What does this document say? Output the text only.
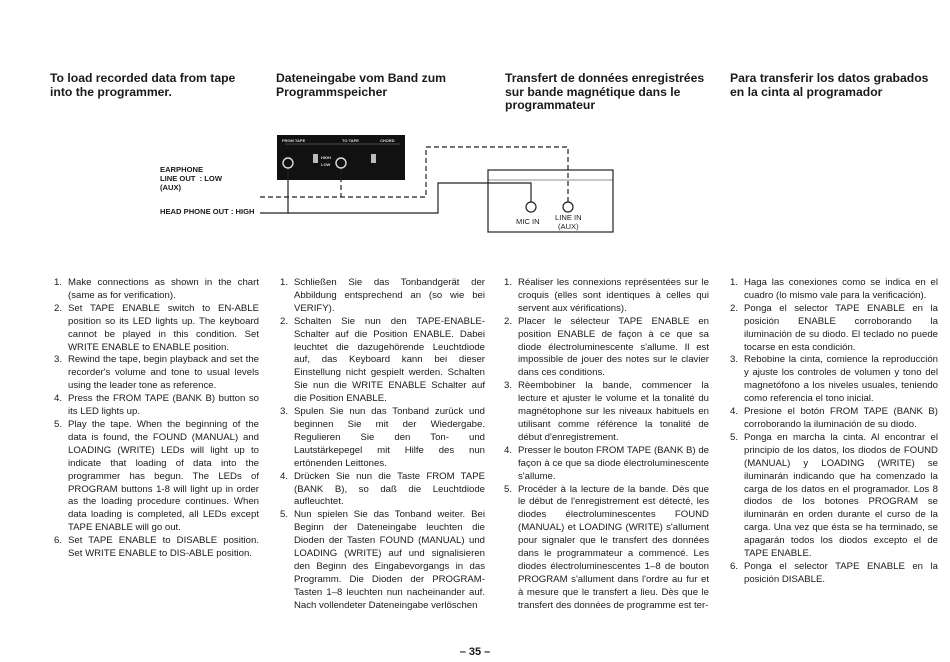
To load recorded data from tape into the programmer.

Dateneingabe vom Band zum Programmspeicher

Transfert de données enregistrées sur bande magnétique dans le programmateur

Para transferir los datos grabados en la cinta al programador

FROM TAPE	TO TAPE	CHORD
HIGH
LOW
EARPHONE
LINE OUT  : LOW
(AUX)
HEAD PHONE OUT : HIGH
MIC IN LINE IN
(AUX)
1. Make connections as shown in the chart (same as for verification).
2. Set TAPE ENABLE switch to EN-ABLE position so its LED lights up. The keyboard cannot be played in this condition. Set WRITE ENABLE to ENABLE position.
3. Rewind the tape, begin playback and set the recorder's volume and tone to usual levels using the leader tone as reference.
4. Press the FROM TAPE (BANK B) button so its LED lights up.
5. Play the tape. When the beginning of the data is found, the FOUND (MANUAL) and LOADING (WRITE) LEDs will light up to indicate that loading of data into the programmer has begun. The LEDs of PROGRAM buttons 1-8 will light up in order as the loading procedure continues. When data loading is completed, all LEDs except TAPE ENABLE will go out.
6. Set TAPE ENABLE to DISABLE position. Set WRITE ENABLE to DIS-ABLE position.
1. Schließen Sie das Tonbandgerät der Abbildung entsprechend an (so wie bei VERIFY).
2. Schalten Sie nun den TAPE-ENABLE-Schalter auf die Position ENABLE. Dabei leuchtet die dazugehörende Leuchtdiode auf, das Keyboard kann bei dieser Einstellung nicht gespielt werden. Schalten Sie nun die WRITE ENABLE Schalter auf die Position ENABLE.
3. Spulen Sie nun das Tonband zurück und beginnen Sie mit der Wiedergabe. Regulieren Sie den Ton- und Lautstärkepegel mit Hilfe des nun ertönenden Leittones.
4. Drücken Sie nun die Taste FROM TAPE (BANK B), so daß die Leuchtdiode aufleuchtet.
5. Nun spielen Sie das Tonband weiter. Bei Beginn der Dateneingabe leuchten die Dioden der Tasten FOUND (MANUAL) und LOADING (WRITE) auf und signalisieren den Beginn des Eingabevorgangs in das Programm. Die Dioden der PROGRAM-Tasten 1–8 leuchten nun nacheinander auf. Nach vollendeter Dateneingabe verlöschen
1. Réaliser les connexions représentées sur le croquis (elles sont identiques à celles qui servent aux vérifications).
2. Placer le sélecteur TAPE ENABLE en position ENABLE de façon à ce que sa diode électroluminescente s'allume. Il est impossible de jouer des notes sur le clavier dans ces conditions.
3. Rèembobiner la bande, commencer la lecture et ajuster le volume et la tonalité du magnétophone sur les niveaux habituels en utilisant comme référence la tonalité de début d'enregistrement.
4. Presser le bouton FROM TAPE (BANK B) de façon à ce que sa diode électroluminescente s'allume.
5. Procéder à la lecture de la bande. Dès que le début de l'enregistrement est détecté, les diodes électroluminescentes FOUND (MANUAL) et LOADING (WRITE) s'allument pour signaler que le transfert des données dans le programmateur a commencé. Les diodes électroluminescentes 1–8 de bouton PROGRAM s'allument dans l'ordre au fur et à mesure que le transfert a lieu. Dès que le transfert des données de programme est ter-
1. Haga las conexiones como se indica en el cuadro (lo mismo vale para la verificación).
2. Ponga el selector TAPE ENABLE en la posición ENABLE corroborando la iluminación de su diodo. El teclado no puede tocarse en esta condición.
3. Rebobine la cinta, comience la reproducción y ajuste los controles de volumen y tono del magnetófono a los niveles usuales, teniendo como referencia el tono inicial.
4. Presione el botón FROM TAPE (BANK B) corroborando la iluminación de su diodo.
5. Ponga en marcha la cinta. Al encontrar el principio de los datos, los diodos de FOUND (MANUAL) y LOADING (WRITE) se iluminarán indicando que ha comenzado la carga de los datos en el programador. Los 8 diodos de los botones PROGRAM se iluminarán en orden durante el curso de la carga. Una vez que ésta se ha terminado, se apagarán todos los diodos excepto el de TAPE ENABLE.
6. Ponga el selector TAPE ENABLE en la posición DISABLE.
– 35 –
